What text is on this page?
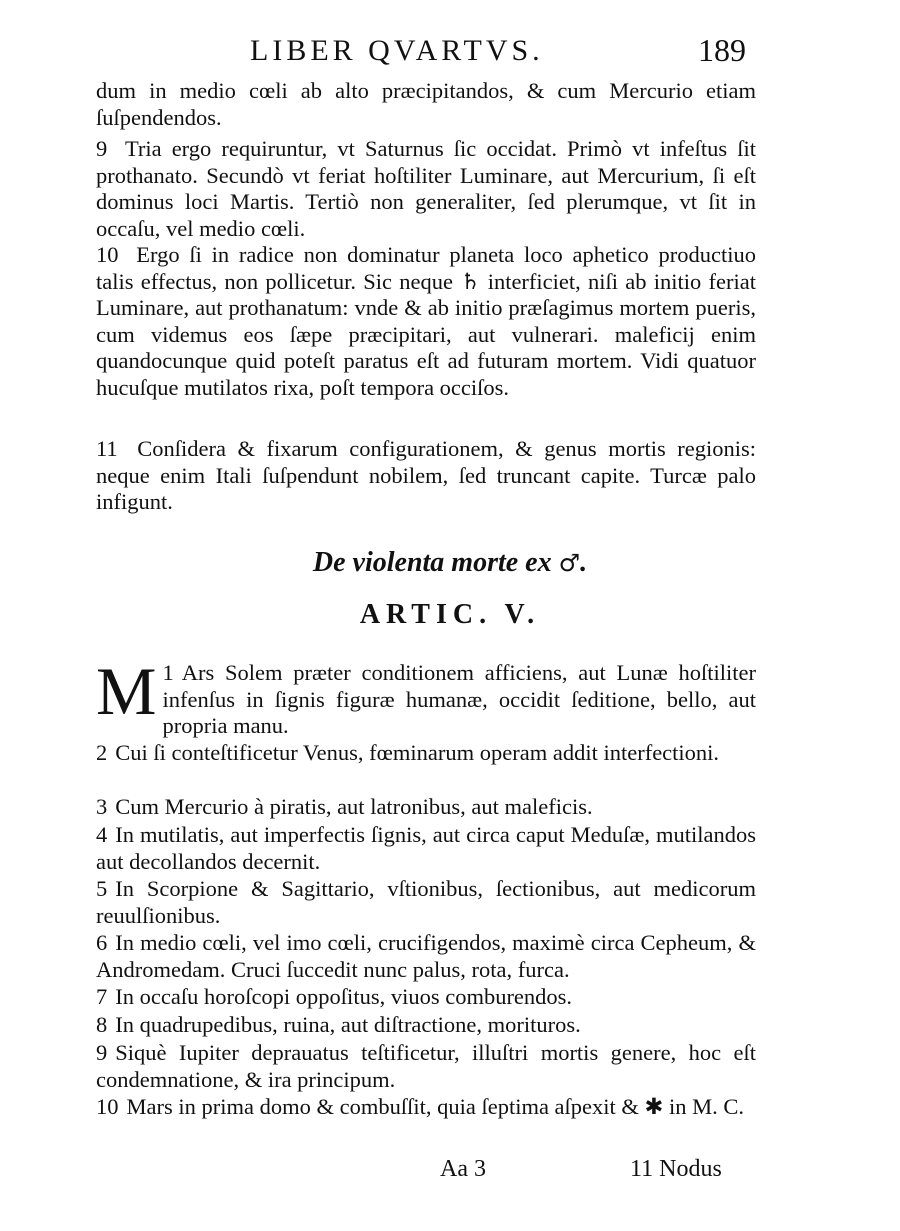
LIBER QVARTVS.	189

dum in medio cœli ab alto præcipitandos, & cum Mercurio etiam ſuſpendendos.

9 Tria ergo requiruntur, vt Saturnus ſic occidat. Primò vt infeſtus ſit prothanato. Secundò vt feriat hoſtiliter Luminare, aut Mercurium, ſi eſt dominus loci Martis. Tertiò non generaliter, ſed plerumque, vt ſit in occaſu, vel medio cœli.

10 Ergo ſi in radice non dominatur planeta loco aphetico productiuo talis effectus, non pollicetur. Sic neque ♄ interficiet, niſi ab initio feriat Luminare, aut prothanatum: vnde & ab initio præſagimus mortem pueris, cum videmus eos ſæpe præcipitari, aut vulnerari. maleficij enim quandocunque quid poteſt paratus eſt ad futuram mortem. Vidi quatuor hucuſque mutilatos rixa, poſt tempora occiſos.

11 Conſidera & fixarum configurationem, & genus mortis regionis: neque enim Itali ſuſpendunt nobilem, ſed truncant capite. Turcæ palo infigunt.

De violenta morte ex ♂.
ARTIC. V.

1
M Ars Solem præter conditionem afficiens, aut Lunæ hoſtiliter infenſus in ſignis figuræ humanæ, occidit ſeditione, bello, aut propria manu.

2 Cui ſi conteſtificetur Venus, fœminarum operam addit interfectioni.

3 Cum Mercurio à piratis, aut latronibus, aut maleficis.

4 In mutilatis, aut imperfectis ſignis, aut circa caput Meduſæ, mutilandos aut decollandos decernit.

5 In Scorpione & Sagittario, vſtionibus, ſectionibus, aut medicorum reuulſionibus.

6 In medio cœli, vel imo cœli, crucifigendos, maximè circa Cepheum, & Andromedam. Cruci ſuccedit nunc palus, rota, furca.

7 In occaſu horoſcopi oppoſitus, viuos comburendos.

8 In quadrupedibus, ruina, aut diſtractione, morituros.

9 Siquè Iupiter deprauatus teſtificetur, illuſtri mortis genere, hoc eſt condemnatione, & ira principum.

10 Mars in prima domo & combuſſit, quia ſeptima aſpexit & ✱ in M. C.

Aa 3	11 Nodus
